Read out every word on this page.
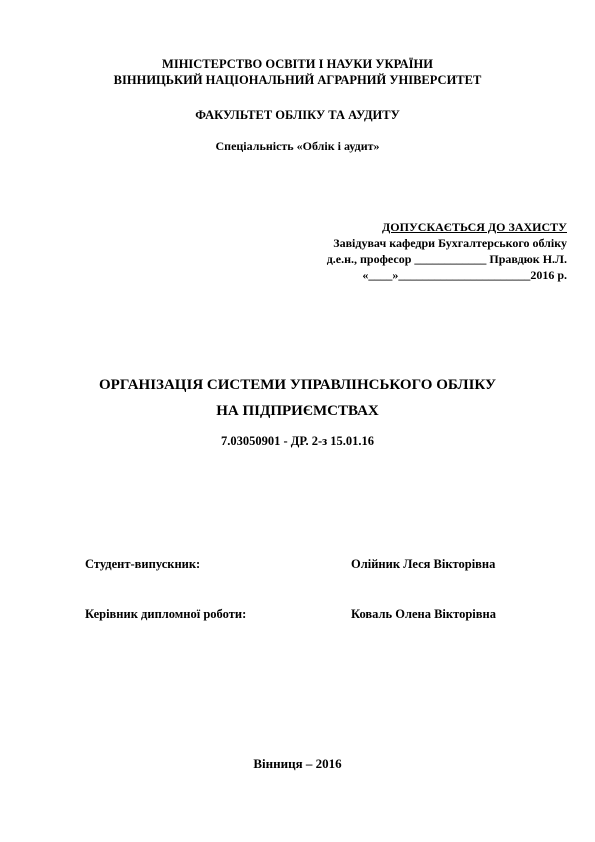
МІНІСТЕРСТВО ОСВІТИ І НАУКИ УКРАЇНИ
ВІННИЦЬКИЙ НАЦІОНАЛЬНИЙ АГРАРНИЙ УНІВЕРСИТЕТ
ФАКУЛЬТЕТ ОБЛІКУ ТА АУДИТУ
Спеціальність «Облік і аудит»
ДОПУСКАЄТЬСЯ ДО ЗАХИСТУ
Завідувач кафедри Бухгалтерського обліку
д.е.н., професор ____________ Правдюк Н.Л.
«____»______________________2016 р.
ОРГАНІЗАЦІЯ СИСТЕМИ УПРАВЛІНСЬКОГО ОБЛІКУ
НА ПІДПРИЄМСТВАХ
7.03050901 - ДР. 2-з 15.01.16
Студент-випускник:	Олійник Леся Вікторівна
Керівник дипломної роботи:	Коваль Олена Вікторівна
Вінниця – 2016
